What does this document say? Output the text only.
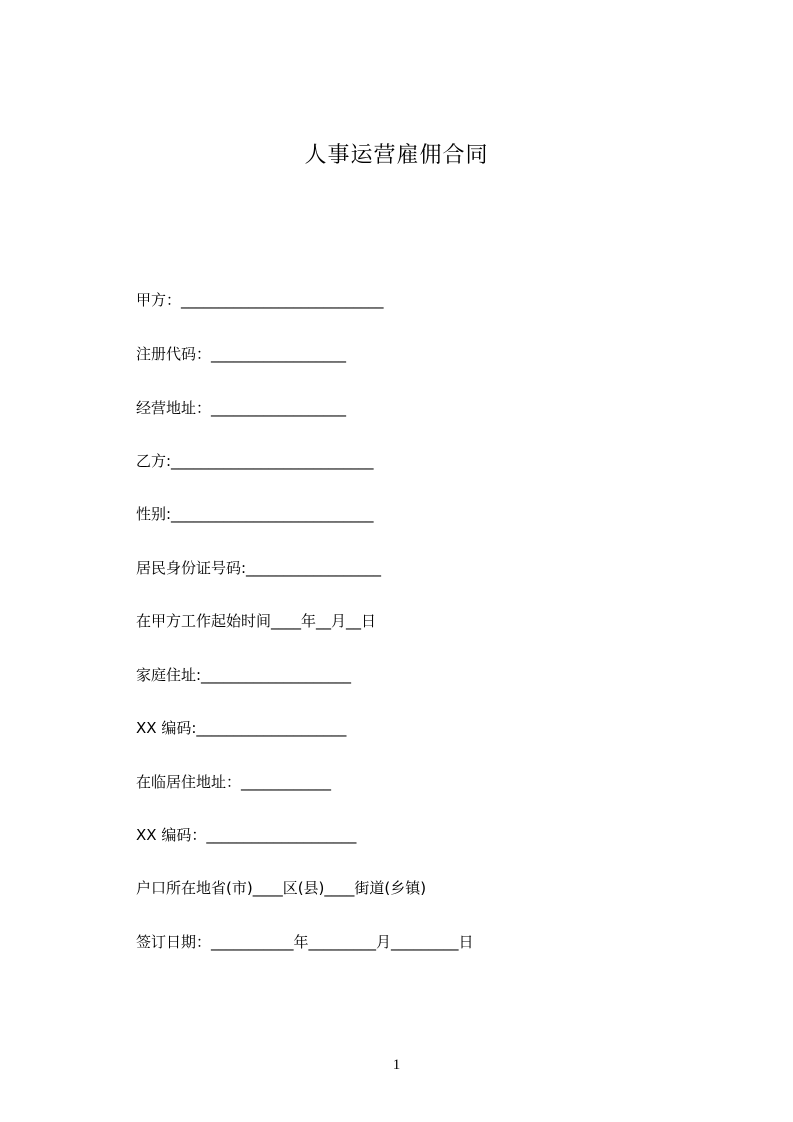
人事运营雇佣合同
甲方：___________________________
注册代码：__________________
经营地址：__________________
乙方:___________________________
性别:___________________________
居民身份证号码:__________________
在甲方工作起始时间____年__月__日
家庭住址:____________________
XX 编码:____________________
在临居住地址：____________
XX 编码：____________________
户口所在地省(市)____区(县)____街道(乡镇)
签订日期：___________年_________月_________日
1
